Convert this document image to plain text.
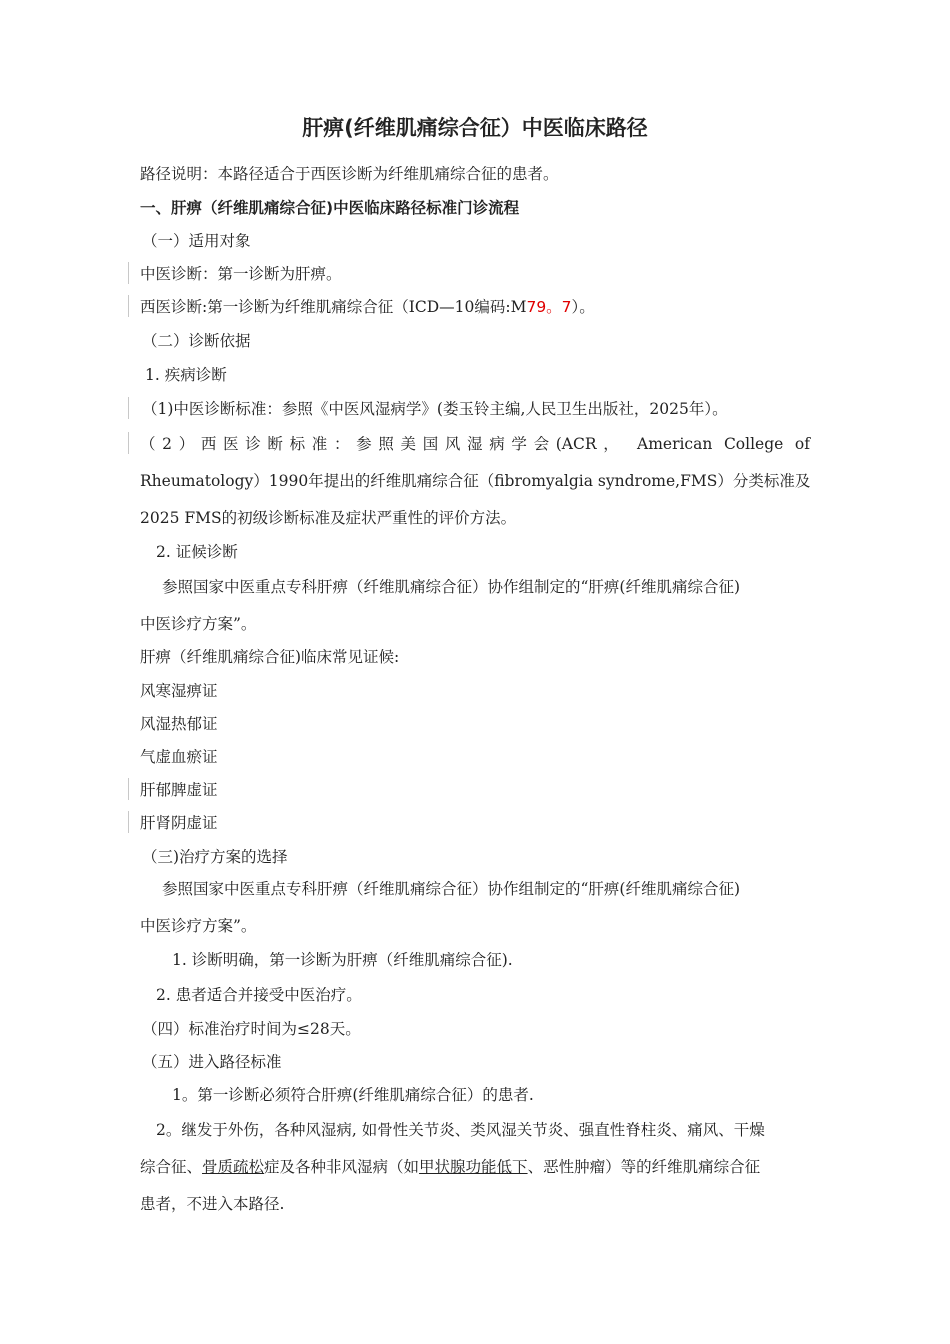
肝痹(纤维肌痛综合征）中医临床路径
路径说明：本路径适合于西医诊断为纤维肌痛综合征的患者。
一、肝痹（纤维肌痛综合征)中医临床路径标准门诊流程
（一）适用对象
中医诊断：第一诊断为肝痹。
西医诊断:第一诊断为纤维肌痛综合征（ICD—10编码:M79。7）。
（二）诊断依据
1. 疾病诊断
（1)中医诊断标准：参照《中医风湿病学》(娄玉铃主编,人民卫生出版社，2025年）。
（2）西医诊断标准：参照美国风湿病学会(ACR， American College of
Rheumatology）1990年提出的纤维肌痛综合征（fibromyalgia syndrome,FMS）分类标准及
2025 FMS的初级诊断标准及症状严重性的评价方法。
2. 证候诊断
参照国家中医重点专科肝痹（纤维肌痛综合征）协作组制定的“肝痹(纤维肌痛综合征)
中医诊疗方案”。
肝痹（纤维肌痛综合征)临床常见证候:
风寒湿痹证
风湿热郁证
气虚血瘀证
肝郁脾虚证
肝肾阴虚证
（三)治疗方案的选择
参照国家中医重点专科肝痹（纤维肌痛综合征）协作组制定的“肝痹(纤维肌痛综合征)
中医诊疗方案”。
1. 诊断明确，第一诊断为肝痹（纤维肌痛综合征).
2. 患者适合并接受中医治疗。
（四）标准治疗时间为≤28天。
（五）进入路径标准
1。第一诊断必须符合肝痹(纤维肌痛综合征）的患者.
2。继发于外伤，各种风湿病, 如骨性关节炎、类风湿关节炎、强直性脊柱炎、痛风、干燥
综合征、骨质疏松症及各种非风湿病（如甲状腺功能低下、恶性肿瘤）等的纤维肌痛综合征
患者，不进入本路径.
